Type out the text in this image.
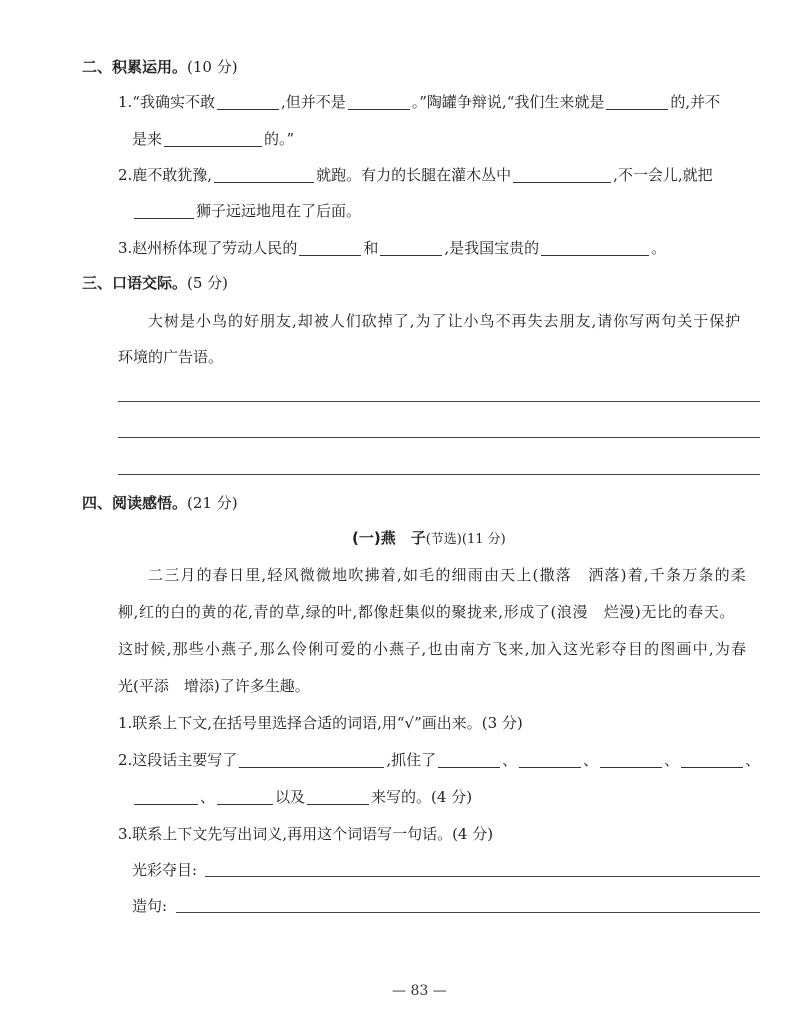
二、积累运用。(10 分)
1.“我确实不敢	,但并不是	。”陶罐争辩说,“我们生来就是	的,并不
是来	的。”
2.鹿不敢犹豫,	就跑。有力的长腿在灌木丛中	,不一会儿,就把
狮子远远地甩在了后面。
3.赵州桥体现了劳动人民的	和	,是我国宝贵的	。
三、口语交际。(5 分)
大树是小鸟的好朋友,却被人们砍掉了,为了让小鸟不再失去朋友,请你写两句关于保护
环境的广告语。
四、阅读感悟。(21 分)
(一)燕　子(节选)(11 分)
二三月的春日里,轻风微微地吹拂着,如毛的细雨由天上(撒落　洒落)着,千条万条的柔
柳,红的白的黄的花,青的草,绿的叶,都像赶集似的聚拢来,形成了(浪漫　烂漫)无比的春天。
这时候,那些小燕子,那么伶俐可爱的小燕子,也由南方飞来,加入这光彩夺目的图画中,为春
光(平添　增添)了许多生趣。
1.联系上下文,在括号里选择合适的词语,用“√”画出来。(3 分)
2.这段话主要写了	,抓住了	、	、	、	、
、	以及	来写的。(4 分)
3.联系上下文先写出词义,再用这个词语写一句话。(4 分)
光彩夺目:
造句:
— 83 —
